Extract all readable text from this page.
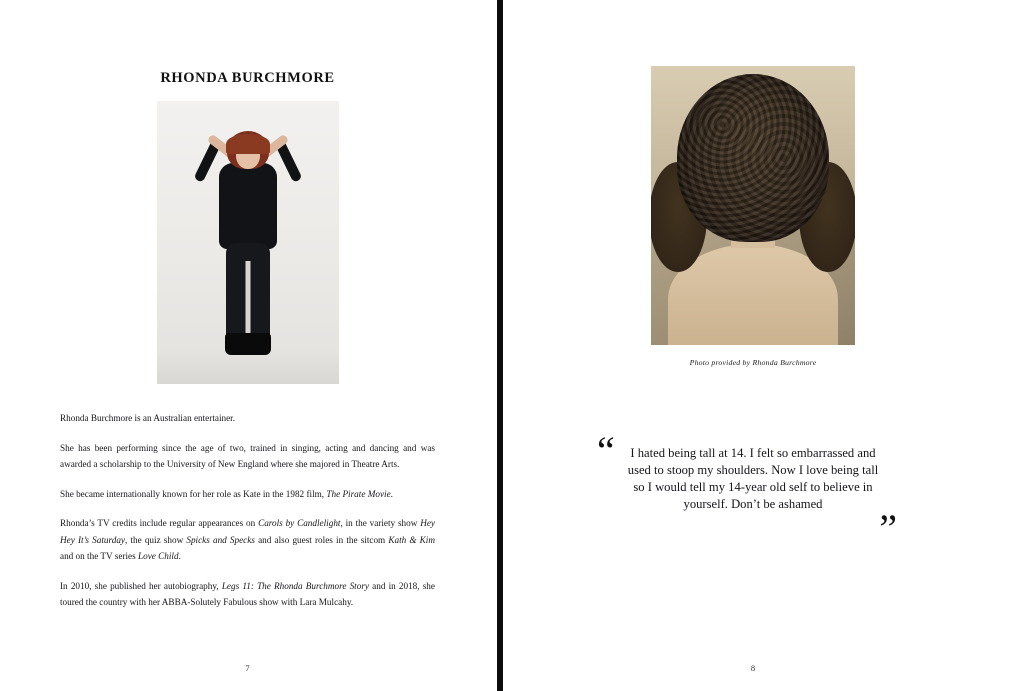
RHONDA BURCHMORE

Rhonda Burchmore is an Australian entertainer.

She has been performing since the age of two, trained in singing, acting and dancing and was awarded a scholarship to the University of New England where she majored in Theatre Arts.

She became internationally known for her role as Kate in the 1982 film, The Pirate Movie.

Rhonda’s TV credits include regular appearances on Carols by Candlelight, in the variety show Hey Hey It’s Saturday, the quiz show Spicks and Specks and also guest roles in the sitcom Kath & Kim and on the TV series Love Child.

In 2010, she published her autobiography, Legs 11: The Rhonda Burchmore Story and in 2018, she toured the country with her ABBA-Solutely Fabulous show with Lara Mulcahy.

7
Photo provided by Rhonda Burchmore
“	I hated being tall at 14. I felt so embarrassed and used to stoop my shoulders. Now I love being tall so I would tell my 14-year old self to believe in yourself. Don’t be ashamed
”
8
